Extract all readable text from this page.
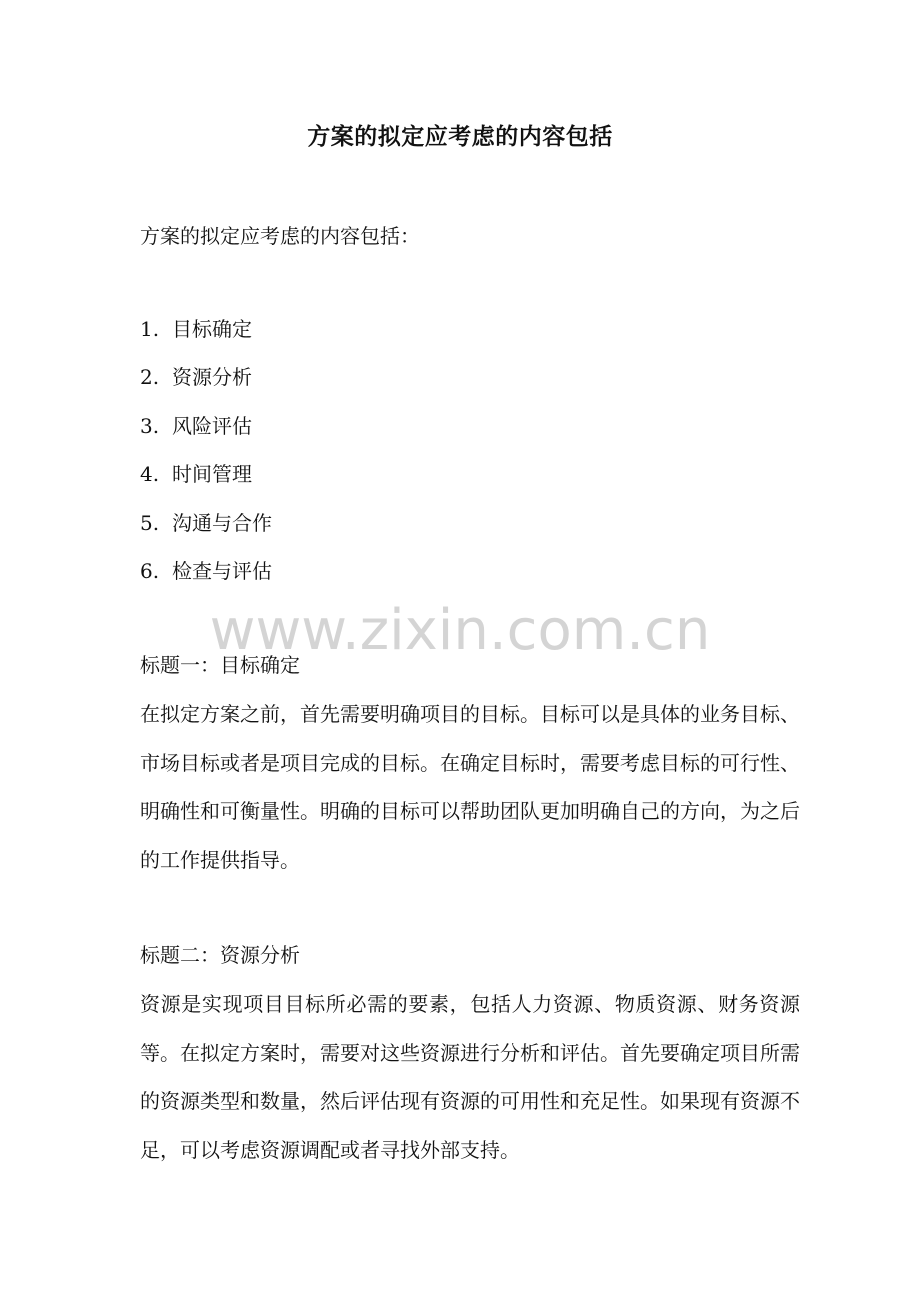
方案的拟定应考虑的内容包括
方案的拟定应考虑的内容包括：
1. 目标确定
2. 资源分析
3. 风险评估
4. 时间管理
5. 沟通与合作
6. 检查与评估
www.zixin.com.cn
标题一：目标确定
在拟定方案之前，首先需要明确项目的目标。目标可以是具体的业务目标、市场目标或者是项目完成的目标。在确定目标时，需要考虑目标的可行性、明确性和可衡量性。明确的目标可以帮助团队更加明确自己的方向，为之后的工作提供指导。
标题二：资源分析
资源是实现项目目标所必需的要素，包括人力资源、物质资源、财务资源等。在拟定方案时，需要对这些资源进行分析和评估。首先要确定项目所需的资源类型和数量，然后评估现有资源的可用性和充足性。如果现有资源不足，可以考虑资源调配或者寻找外部支持。
